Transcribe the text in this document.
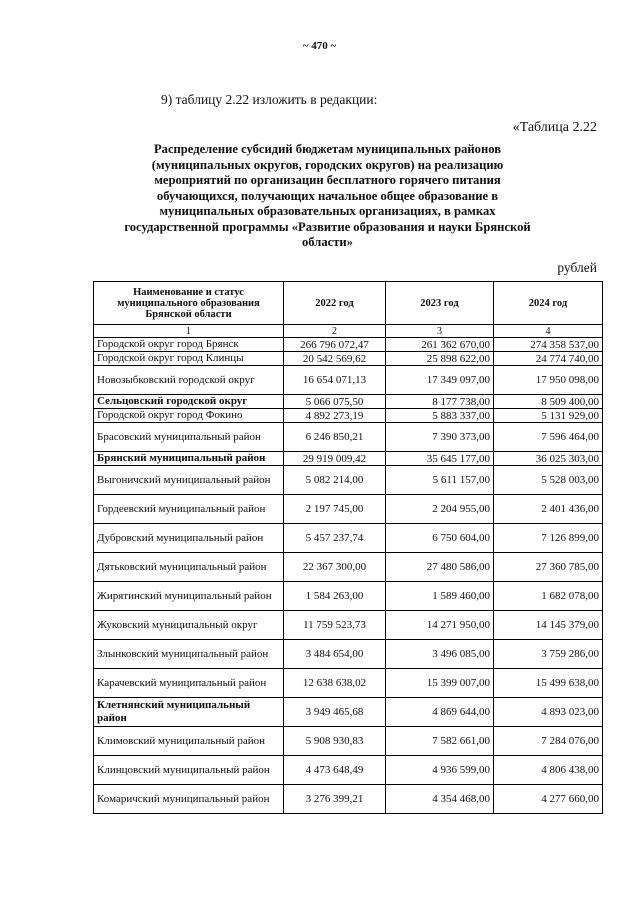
~ 470 ~
9) таблицу 2.22 изложить в редакции:
«Таблица 2.22
Распределение субсидий бюджетам муниципальных районов (муниципальных округов, городских округов) на реализацию мероприятий по организации бесплатного горячего питания обучающихся, получающих начальное общее образование в муниципальных образовательных организациях, в рамках государственной программы «Развитие образования и науки Брянской области»
рублей
Наименование и статус муниципального образования Брянской области	2022 год	2023 год	2024 год
1	2	3	4
Городской округ город Брянск	266 796 072,47	261 362 670,00	274 358 537,00
Городской округ город Клинцы	20 542 569,62	25 898 622,00	24 774 740,00
Новозыбковский городской округ	16 654 071,13	17 349 097,00	17 950 098,00
Сельцовский городской округ	5 066 075,50	8 177 738,00	8 509 400,00
Городской округ город Фокино	4 892 273,19	5 883 337,00	5 131 929,00
Брасовский муниципальный район	6 246 850,21	7 390 373,00	7 596 464,00
Брянский муниципальный район	29 919 009,42	35 645 177,00	36 025 303,00
Выгоничский муниципальный район	5 082 214,00	5 611 157,00	5 528 003,00
Гордеевский муниципальный район	2 197 745,00	2 204 955,00	2 401 436,00
Дубровский муниципальный район	5 457 237,74	6 750 604,00	7 126 899,00
Дятьковский муниципальный район	22 367 300,00	27 480 586,00	27 360 785,00
Жирятинский муниципальный район	1 584 263,00	1 589 460,00	1 682 078,00
Жуковский муниципальный округ	11 759 523,73	14 271 950,00	14 145 379,00
Злынковский муниципальный район	3 484 654,00	3 496 085,00	3 759 286,00
Карачевский муниципальный район	12 638 638,02	15 399 007,00	15 499 638,00
Клетнянский муниципальный район	3 949 465,68	4 869 644,00	4 893 023,00
Климовский муниципальный район	5 908 930,83	7 582 661,00	7 284 076,00
Клинцовский муниципальный район	4 473 648,49	4 936 599,00	4 806 438,00
Комаричский муниципальный район	3 276 399,21	4 354 468,00	4 277 660,00
